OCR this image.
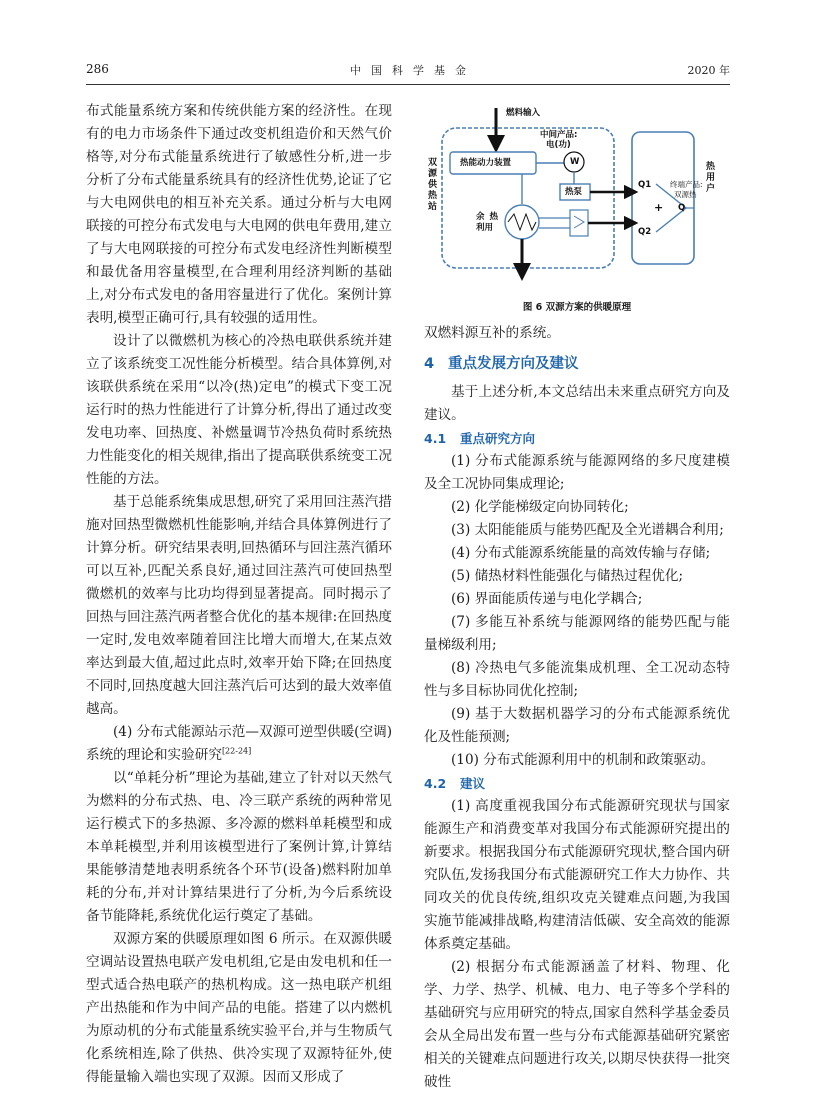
286	中国科学基金	2020 年

布式能量系统方案和传统供能方案的经济性。在现有的电力市场条件下通过改变机组造价和天然气价格等,对分布式能量系统进行了敏感性分析,进一步分析了分布式能量系统具有的经济性优势,论证了它与大电网供电的相互补充关系。通过分析与大电网联接的可控分布式发电与大电网的供电年费用,建立了与大电网联接的可控分布式发电经济性判断模型和最优备用容量模型,在合理利用经济判断的基础上,对分布式发电的备用容量进行了优化。案例计算表明,模型正确可行,具有较强的适用性。

设计了以微燃机为核心的冷热电联供系统并建立了该系统变工况性能分析模型。结合具体算例,对该联供系统在采用“以冷(热)定电”的模式下变工况运行时的热力性能进行了计算分析,得出了通过改变发电功率、回热度、补燃量调节冷热负荷时系统热力性能变化的相关规律,指出了提高联供系统变工况性能的方法。

基于总能系统集成思想,研究了采用回注蒸汽措施对回热型微燃机性能影响,并结合具体算例进行了计算分析。研究结果表明,回热循环与回注蒸汽循环可以互补,匹配关系良好,通过回注蒸汽可使回热型微燃机的效率与比功均得到显著提高。同时揭示了回热与回注蒸汽两者整合优化的基本规律:在回热度一定时,发电效率随着回注比增大而增大,在某点效率达到最大值,超过此点时,效率开始下降;在回热度不同时,回热度越大回注蒸汽后可达到的最大效率值越高。

(4) 分布式能源站示范—双源可逆型供暖(空调)系统的理论和实验研究[22-24]

以“单耗分析”理论为基础,建立了针对以天然气为燃料的分布式热、电、冷三联产系统的两种常见运行模式下的多热源、多冷源的燃料单耗模型和成本单耗模型,并利用该模型进行了案例计算,计算结果能够清楚地表明系统各个环节(设备)燃料附加单耗的分布,并对计算结果进行了分析,为今后系统设备节能降耗,系统优化运行奠定了基础。

双源方案的供暖原理如图 6 所示。在双源供暖空调站设置热电联产发电机组,它是由发电机和任一型式适合热电联产的热机构成。这一热电联产机组产出热能和作为中间产品的电能。搭建了以内燃机为原动机的分布式能量系统实验平台,并与生物质气化系统相连,除了供热、供冷实现了双源特征外,使得能量输入端也实现了双源。因而又形成了

燃料输入
中间产品:
电(功)
热能动力装置	W
热泵
余热利用
双源供热站
Q1
Q2
+
终端产品:
双源热
Q
热用户
图 6 双源方案的供暖原理

双燃料源互补的系统。

4 重点发展方向及建议

基于上述分析,本文总结出未来重点研究方向及建议。

4.1 重点研究方向

(1) 分布式能源系统与能源网络的多尺度建模及全工况协同集成理论;

(2) 化学能梯级定向协同转化;

(3) 太阳能能质与能势匹配及全光谱耦合利用;

(4) 分布式能源系统能量的高效传输与存储;

(5) 储热材料性能强化与储热过程优化;

(6) 界面能质传递与电化学耦合;

(7) 多能互补系统与能源网络的能势匹配与能量梯级利用;

(8) 冷热电气多能流集成机理、全工况动态特性与多目标协同优化控制;

(9) 基于大数据机器学习的分布式能源系统优化及性能预测;

(10) 分布式能源利用中的机制和政策驱动。

4.2 建议

(1) 高度重视我国分布式能源研究现状与国家能源生产和消费变革对我国分布式能源研究提出的新要求。根据我国分布式能源研究现状,整合国内研究队伍,发扬我国分布式能源研究工作大力协作、共同攻关的优良传统,组织攻克关键难点问题,为我国实施节能减排战略,构建清洁低碳、安全高效的能源体系奠定基础。

(2) 根据分布式能源涵盖了材料、物理、化学、力学、热学、机械、电力、电子等多个学科的基础研究与应用研究的特点,国家自然科学基金委员会从全局出发布置一些与分布式能源基础研究紧密相关的关键难点问题进行攻关,以期尽快获得一批突破性
